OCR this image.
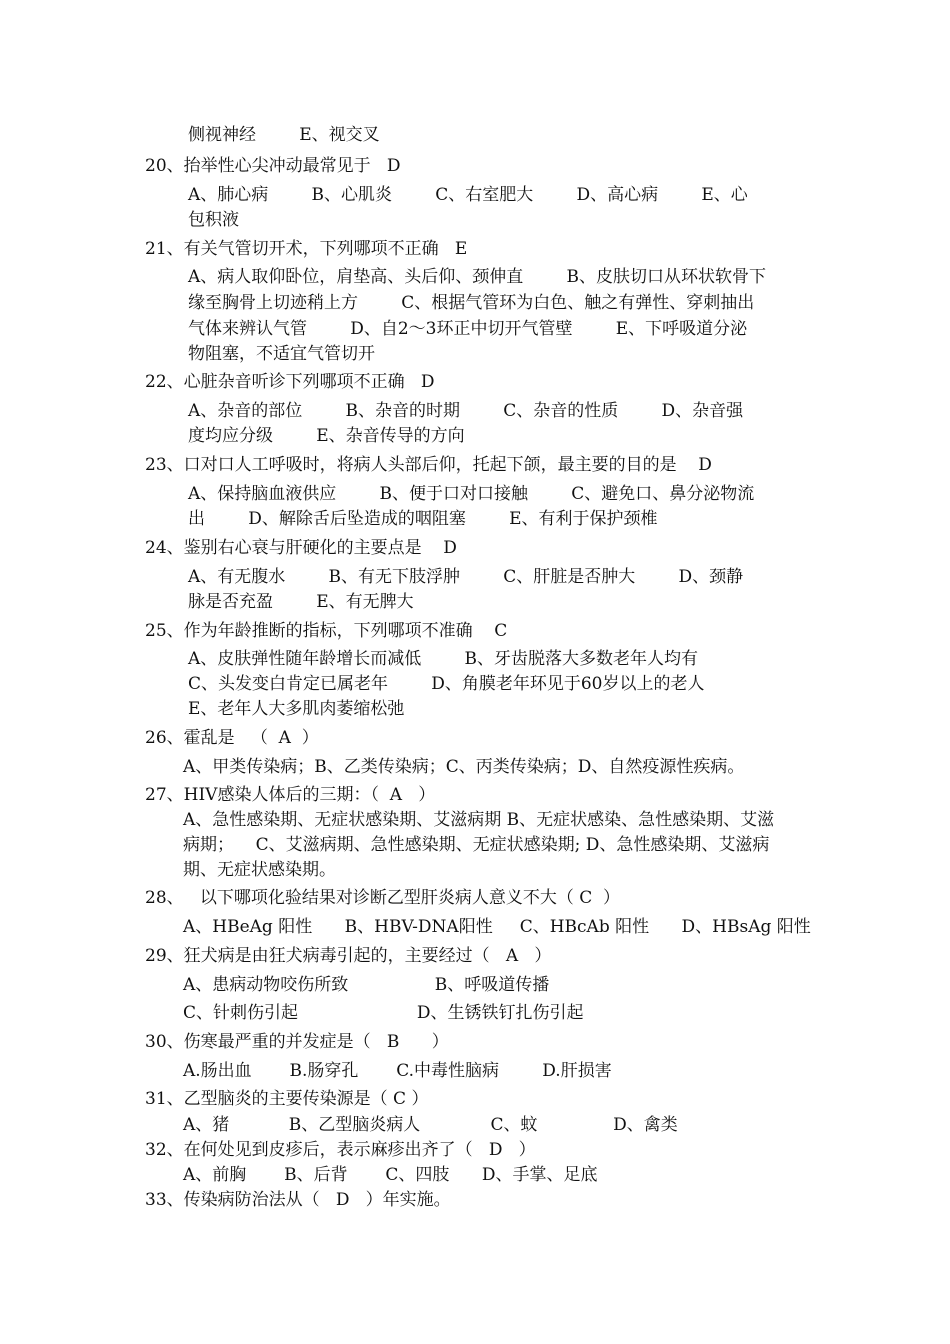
侧视神经        E、视交叉
20、抬举性心尖冲动最常见于   D
A、肺心病        B、心肌炎        C、右室肥大        D、高心病        E、心
包积液
21、有关气管切开术，下列哪项不正确   E
A、病人取仰卧位，肩垫高、头后仰、颈伸直        B、皮肤切口从环状软骨下
缘至胸骨上切迹稍上方        C、根据气管环为白色、触之有弹性、穿刺抽出
气体来辨认气管        D、自2～3环正中切开气管壁        E、下呼吸道分泌
物阻塞，不适宜气管切开
22、心脏杂音听诊下列哪项不正确   D
A、杂音的部位        B、杂音的时期        C、杂音的性质        D、杂音强
度均应分级        E、杂音传导的方向
23、口对口人工呼吸时，将病人头部后仰，托起下颌，最主要的目的是    D
A、保持脑血液供应        B、便于口对口接触        C、避免口、鼻分泌物流
出        D、解除舌后坠造成的咽阻塞        E、有利于保护颈椎
24、鉴别右心衰与肝硬化的主要点是    D
A、有无腹水        B、有无下肢浮肿        C、肝脏是否肿大        D、颈静
脉是否充盈        E、有无脾大
25、作为年龄推断的指标，下列哪项不准确    C
A、皮肤弹性随年龄增长而减低        B、牙齿脱落大多数老年人均有
C、头发变白肯定已属老年        D、角膜老年环见于60岁以上的老人
E、老年人大多肌肉萎缩松弛
26、霍乱是   （  A  ）
A、甲类传染病；B、乙类传染病；C、丙类传染病；D、自然疫源性疾病。
27、HIV感染人体后的三期：（  A   ）
A、急性感染期、无症状感染期、艾滋病期 B、无症状感染、急性感染期、艾滋
病期；    C、艾滋病期、急性感染期、无症状感染期; D、急性感染期、艾滋病
期、无症状感染期。
28、   以下哪项化验结果对诊断乙型肝炎病人意义不大（ C  ）
A、HBeAg 阳性      B、HBV-DNA阳性     C、HBcAb 阳性      D、HBsAg 阳性
29、狂犬病是由狂犬病毒引起的，主要经过（   A   ）
A、患病动物咬伤所致                B、呼吸道传播
C、针刺伤引起                      D、生锈铁钉扎伤引起
30、伤寒最严重的并发症是（   B      ）
A.肠出血       B.肠穿孔       C.中毒性脑病        D.肝损害
31、乙型脑炎的主要传染源是（ C ）
A、猪           B、乙型脑炎病人             C、蚊              D、禽类
32、在何处见到皮疹后，表示麻疹出齐了（   D   ）
A、前胸       B、后背       C、四肢      D、手掌、足底
33、传染病防治法从（   D   ）年实施。
